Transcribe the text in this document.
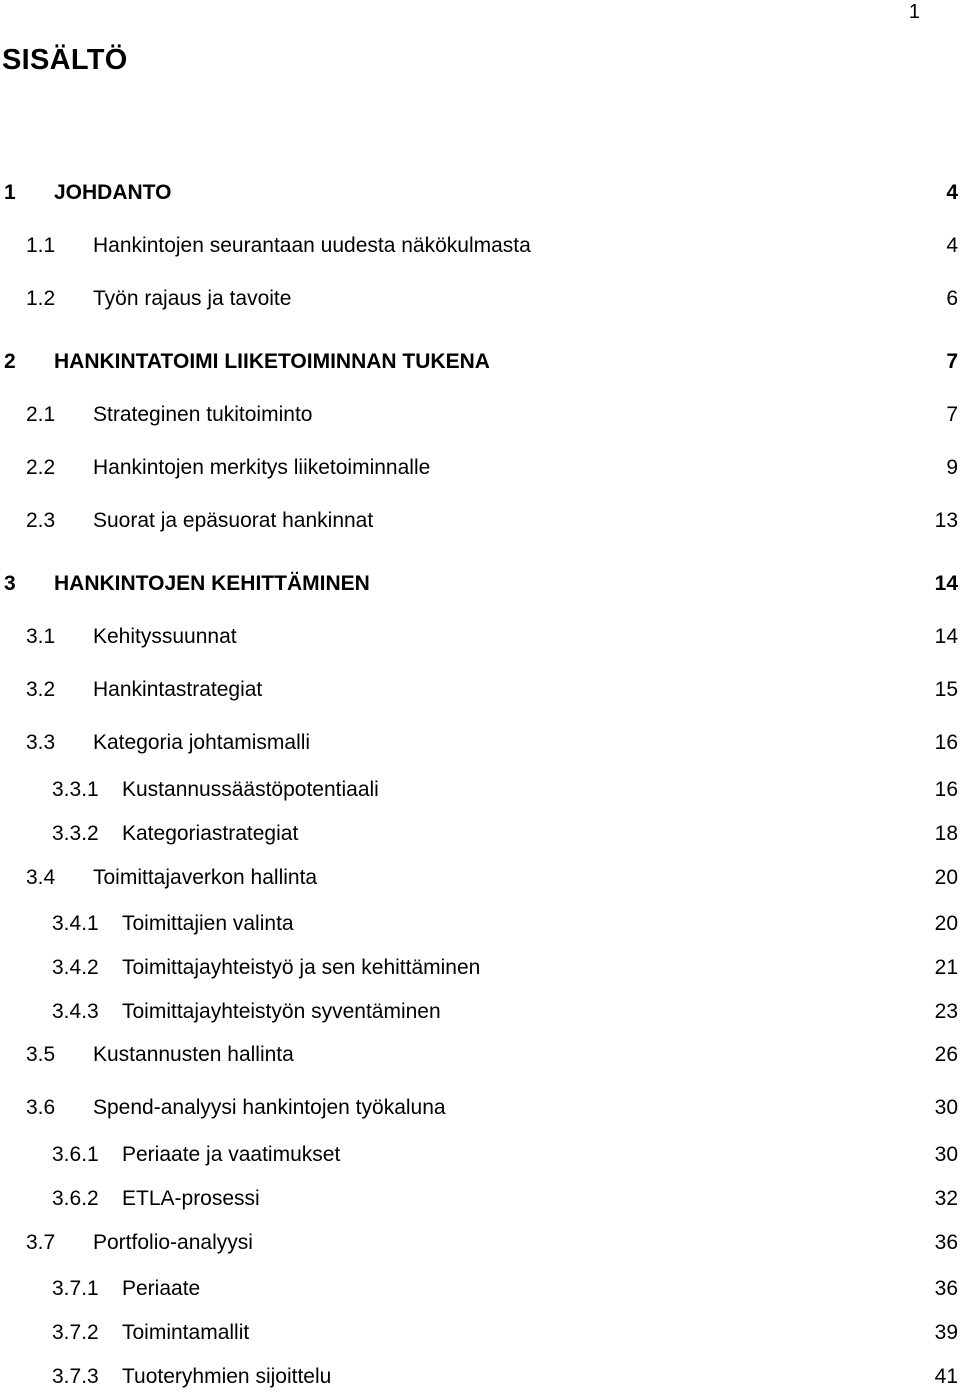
1
SISÄLTÖ
1 JOHDANTO	4
1.1 Hankintojen seurantaan uudesta näkökulmasta	4
1.2 Työn rajaus ja tavoite	6
2 HANKINTATOIMI LIIKETOIMINNAN TUKENA	7
2.1 Strateginen tukitoiminto	7
2.2 Hankintojen merkitys liiketoiminnalle	9
2.3 Suorat ja epäsuorat hankinnat	13
3 HANKINTOJEN KEHITTÄMINEN	14
3.1 Kehityssuunnat	14
3.2 Hankintastrategiat	15
3.3 Kategoria johtamismalli	16
3.3.1 Kustannussäästöpotentiaali	16
3.3.2 Kategoriastrategiat	18
3.4 Toimittajaverkon hallinta	20
3.4.1 Toimittajien valinta	20
3.4.2 Toimittajayhteistyö ja sen kehittäminen	21
3.4.3 Toimittajayhteistyön syventäminen	23
3.5 Kustannusten hallinta	26
3.6 Spend-analyysi hankintojen työkaluna	30
3.6.1 Periaate ja vaatimukset	30
3.6.2 ETLA-prosessi	32
3.7 Portfolio-analyysi	36
3.7.1 Periaate	36
3.7.2 Toimintamallit	39
3.7.3 Tuoteryhmien sijoittelu	41
